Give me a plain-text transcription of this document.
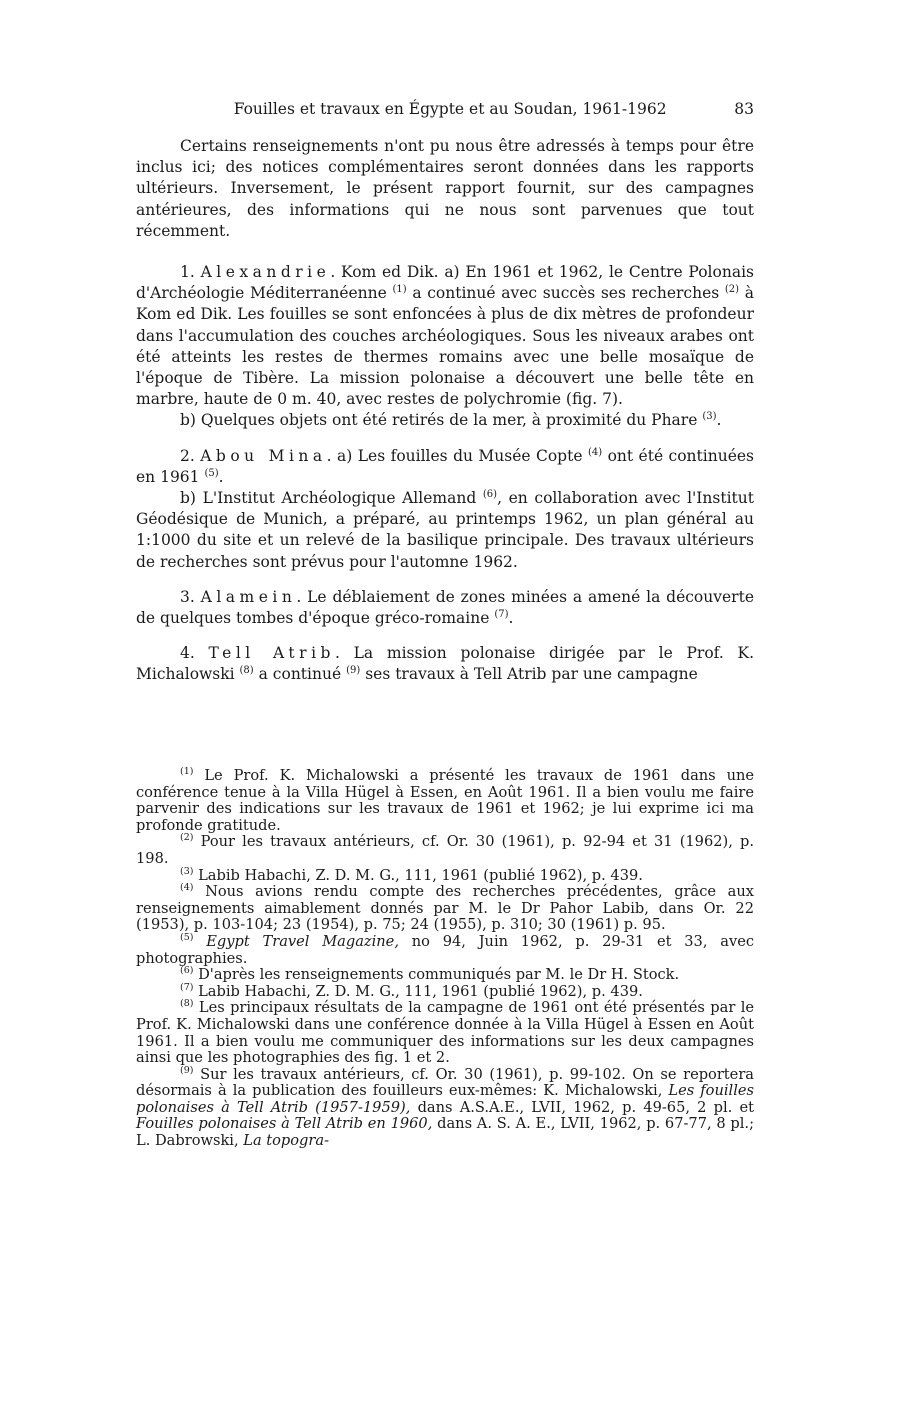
Fouilles et travaux en Égypte et au Soudan, 1961-1962	83

Certains renseignements n'ont pu nous être adressés à temps pour être inclus ici; des notices complémentaires seront données dans les rapports ultérieurs. Inversement, le présent rapport fournit, sur des campagnes antérieures, des informations qui ne nous sont parvenues que tout récemment.

1. Alexandrie. Kom ed Dik. a) En 1961 et 1962, le Centre Polonais d'Archéologie Méditerranéenne $^{(1)}$ a continué avec succès ses recherches $^{(2)}$ à Kom ed Dik. Les fouilles se sont enfoncées à plus de dix mètres de profondeur dans l'accumulation des couches archéologiques. Sous les niveaux arabes ont été atteints les restes de thermes romains avec une belle mosaïque de l'époque de Tibère. La mission polonaise a découvert une belle tête en marbre, haute de 0 m. 40, avec restes de polychromie (fig. 7).

b) Quelques objets ont été retirés de la mer, à proximité du Phare $^{(3)}$.

2. Abou Mina. a) Les fouilles du Musée Copte $^{(4)}$ ont été continuées en 1961 $^{(5)}$.

b) L'Institut Archéologique Allemand $^{(6)}$, en collaboration avec l'Institut Géodésique de Munich, a préparé, au printemps 1962, un plan général au 1:1000 du site et un relevé de la basilique principale. Des travaux ultérieurs de recherches sont prévus pour l'automne 1962.

3. Alamein. Le déblaiement de zones minées a amené la découverte de quelques tombes d'époque gréco-romaine $^{(7)}$.

4. Tell Atrib. La mission polonaise dirigée par le Prof. K. Michalowski $^{(8)}$ a continué $^{(9)}$ ses travaux à Tell Atrib par une campagne

$^{(1)}$ Le Prof. K. Michalowski a présenté les travaux de 1961 dans une conférence tenue à la Villa Hügel à Essen, en Août 1961. Il a bien voulu me faire parvenir des indications sur les travaux de 1961 et 1962; je lui exprime ici ma profonde gratitude.

$^{(2)}$ Pour les travaux antérieurs, cf. Or. 30 (1961), p. 92-94 et 31 (1962), p. 198.

$^{(3)}$ Labib Habachi, Z. D. M. G., 111, 1961 (publié 1962), p. 439.

$^{(4)}$ Nous avions rendu compte des recherches précédentes, grâce aux renseignements aimablement donnés par M. le Dr Pahor Labib, dans Or. 22 (1953), p. 103-104; 23 (1954), p. 75; 24 (1955), p. 310; 30 (1961) p. 95.

$^{(5)}$ Egypt Travel Magazine, no 94, Juin 1962, p. 29-31 et 33, avec photographies.

$^{(6)}$ D'après les renseignements communiqués par M. le Dr H. Stock.

$^{(7)}$ Labib Habachi, Z. D. M. G., 111, 1961 (publié 1962), p. 439.

$^{(8)}$ Les principaux résultats de la campagne de 1961 ont été présentés par le Prof. K. Michalowski dans une conférence donnée à la Villa Hügel à Essen en Août 1961. Il a bien voulu me communiquer des informations sur les deux campagnes ainsi que les photographies des fig. 1 et 2.

$^{(9)}$ Sur les travaux antérieurs, cf. Or. 30 (1961), p. 99-102. On se reportera désormais à la publication des fouilleurs eux-mêmes: K. Michalowski, Les fouilles polonaises à Tell Atrib (1957-1959), dans A.S.A.E., LVII, 1962, p. 49-65, 2 pl. et Fouilles polonaises à Tell Atrib en 1960, dans A. S. A. E., LVII, 1962, p. 67-77, 8 pl.; L. Dabrowski, La topogra-
